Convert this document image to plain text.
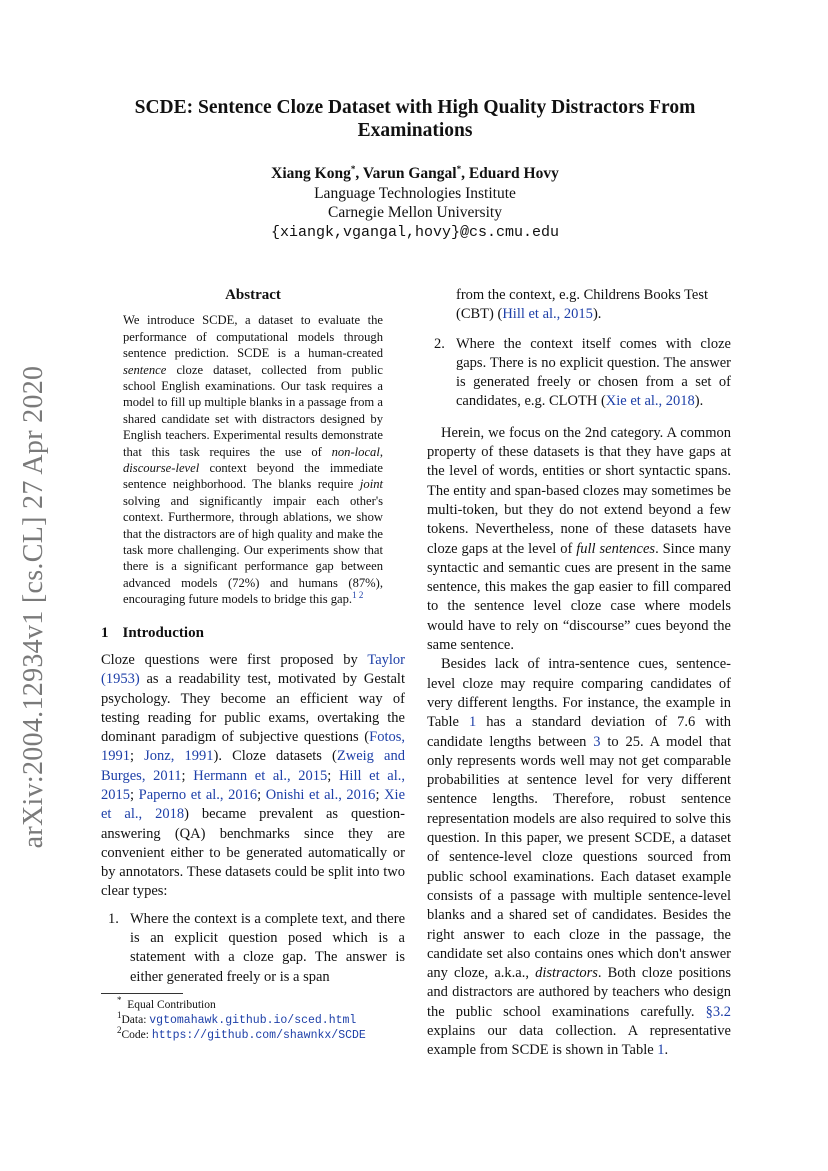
arXiv:2004.12934v1 [cs.CL] 27 Apr 2020
SCDE: Sentence Cloze Dataset with High Quality Distractors From Examinations
Xiang Kong*, Varun Gangal*, Eduard Hovy
Language Technologies Institute
Carnegie Mellon University
{xiangk,vgangal,hovy}@cs.cmu.edu
Abstract

We introduce SCDE, a dataset to evaluate the performance of computational models through sentence prediction. SCDE is a human-created sentence cloze dataset, collected from public school English examinations. Our task requires a model to fill up multiple blanks in a passage from a shared candidate set with distractors designed by English teachers. Experimental results demonstrate that this task requires the use of non-local, discourse-level context beyond the immediate sentence neighborhood. The blanks require joint solving and significantly impair each other's context. Furthermore, through ablations, we show that the distractors are of high quality and make the task more challenging. Our experiments show that there is a significant performance gap between advanced models (72%) and humans (87%), encouraging future models to bridge this gap.$^{1 2}$

1 Introduction

Cloze questions were first proposed by Taylor (1953) as a readability test, motivated by Gestalt psychology. They become an efficient way of testing reading for public exams, overtaking the dominant paradigm of subjective questions (Fotos, 1991; Jonz, 1991). Cloze datasets (Zweig and Burges, 2011; Hermann et al., 2015; Hill et al., 2015; Paperno et al., 2016; Onishi et al., 2016; Xie et al., 2018) became prevalent as question-answering (QA) benchmarks since they are convenient either to be generated automatically or by annotators. These datasets could be split into two clear types:

1. Where the context is a complete text, and there is an explicit question posed which is a statement with a cloze gap. The answer is either generated freely or is a span
* Equal Contribution
$^1$Data: vgtomahawk.github.io/sced.html
$^2$Code: https://github.com/shawnkx/SCDE

from the context, e.g. Childrens Books Test (CBT) (Hill et al., 2015).

2. Where the context itself comes with cloze gaps. There is no explicit question. The answer is generated freely or chosen from a set of candidates, e.g. CLOTH (Xie et al., 2018).

Herein, we focus on the 2nd category. A common property of these datasets is that they have gaps at the level of words, entities or short syntactic spans. The entity and span-based clozes may sometimes be multi-token, but they do not extend beyond a few tokens. Nevertheless, none of these datasets have cloze gaps at the level of full sentences. Since many syntactic and semantic cues are present in the same sentence, this makes the gap easier to fill compared to the sentence level cloze case where models would have to rely on “discourse” cues beyond the same sentence.

Besides lack of intra-sentence cues, sentence-level cloze may require comparing candidates of very different lengths. For instance, the example in Table 1 has a standard deviation of 7.6 with candidate lengths between 3 to 25. A model that only represents words well may not get comparable probabilities at sentence level for very different sentence lengths. Therefore, robust sentence representation models are also required to solve this question. In this paper, we present SCDE, a dataset of sentence-level cloze questions sourced from public school examinations. Each dataset example consists of a passage with multiple sentence-level blanks and a shared set of candidates. Besides the right answer to each cloze in the passage, the candidate set also contains ones which don't answer any cloze, a.k.a., distractors. Both cloze positions and distractors are authored by teachers who design the public school examinations carefully. §3.2 explains our data collection. A representative example from SCDE is shown in Table 1.
